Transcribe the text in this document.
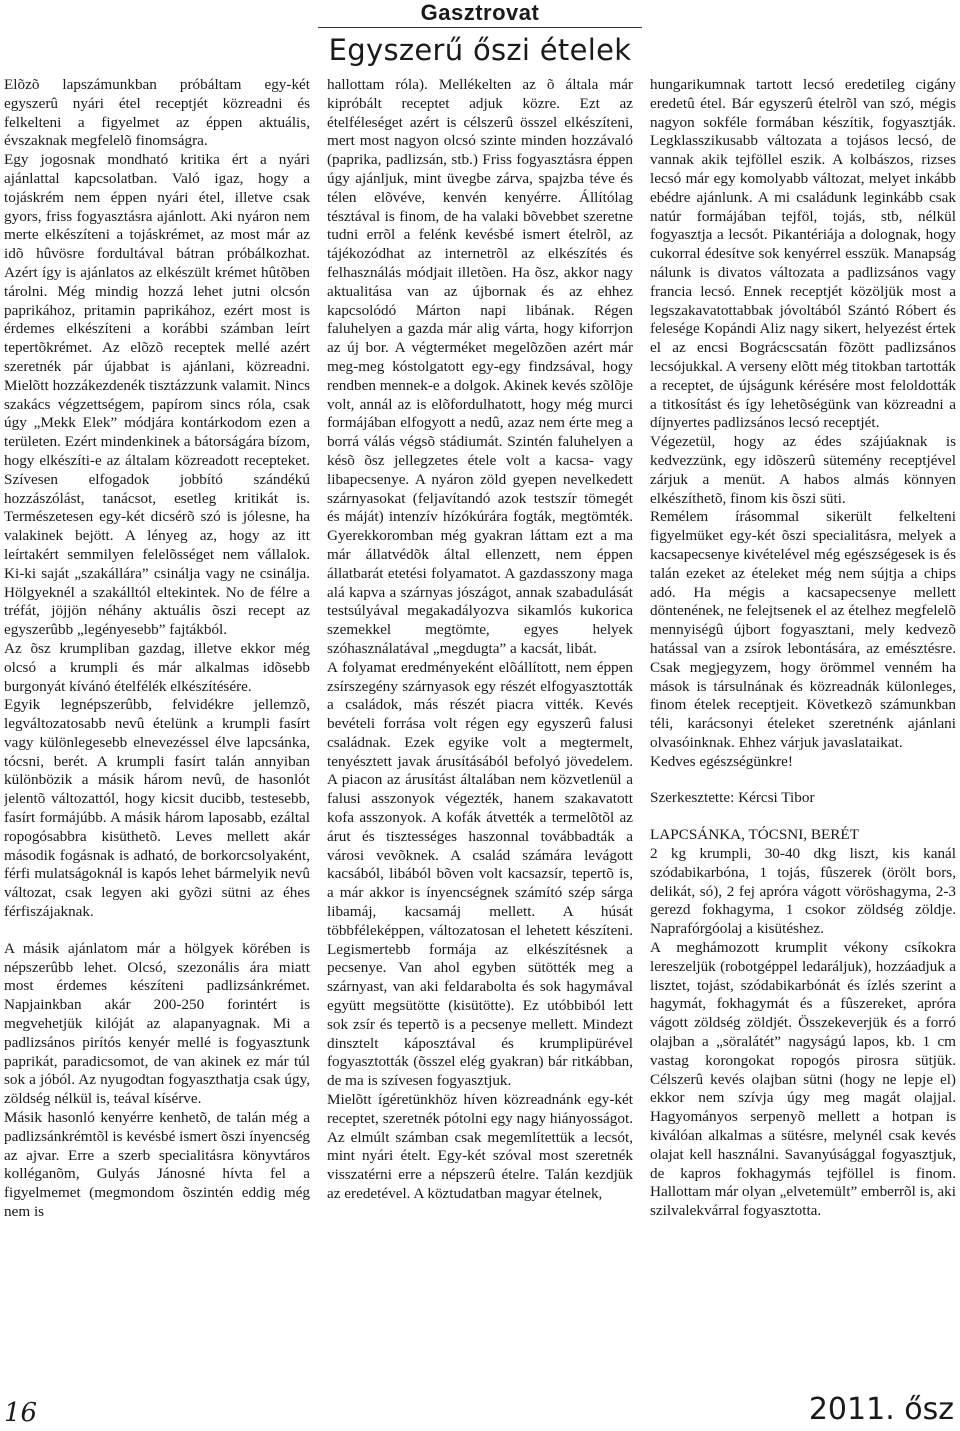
Gasztrovat
Egyszerű őszi ételek

Elõzõ lapszámunkban próbáltam egy-két egyszerû nyári étel receptjét közreadni és felkelteni a figyelmet az éppen aktuális, évszaknak megfelelõ finomságra.

Egy jogosnak mondható kritika ért a nyári ajánlattal kapcsolatban. Való igaz, hogy a tojáskrém nem éppen nyári étel, illetve csak gyors, friss fogyasztásra ajánlott. Aki nyáron nem merte elkészíteni a tojáskrémet, az most már az idõ hûvösre fordultával bátran próbálkozhat. Azért így is ajánlatos az elkészült krémet hûtõben tárolni. Még mindig hozzá lehet jutni olcsón paprikához, pritamin paprikához, ezért most is érdemes elkészíteni a korábbi számban leírt tepertõkrémet. Az elõzõ receptek mellé azért szeretnék pár újabbat is ajánlani, közreadni. Mielõtt hozzákezdenék tisztázzunk valamit. Nincs szakács végzettségem, papírom sincs róla, csak úgy „Mekk Elek” módjára kontárkodom ezen a területen. Ezért mindenkinek a bátorságára bízom, hogy elkészíti-e az általam közreadott recepteket. Szívesen elfogadok jobbító szándékú hozzászólást, tanácsot, esetleg kritikát is. Természetesen egy-két dicsérõ szó is jólesne, ha valakinek bejött. A lényeg az, hogy az itt leírtakért semmilyen felelõsséget nem vállalok. Ki-ki saját „szakállára” csinálja vagy ne csinálja. Hölgyeknél a szakálltól eltekintek. No de félre a tréfát, jöjjön néhány aktuális õszi recept az egyszerûbb „legényesebb” fajtákból.

Az õsz krumpliban gazdag, illetve ekkor még olcsó a krumpli és már alkalmas idõsebb burgonyát kívánó ételfélék elkészítésére.

Egyik legnépszerûbb, felvidékre jellemzõ, legváltozatosabb nevû ételünk a krumpli fasírt vagy különlegesebb elnevezéssel élve lapcsánka, tócsni, berét. A krumpli fasírt talán annyiban különbözik a másik három nevû, de hasonlót jelentõ változattól, hogy kicsit ducibb, testesebb, fasírt formájúbb. A másik három laposabb, ezáltal ropogósabbra kisüthetõ. Leves mellett akár második fogásnak is adható, de borkorcsolyaként, férfi mulatságoknál is kapós lehet bármelyik nevû változat, csak legyen aki gyõzi sütni az éhes férfiszájaknak.

A másik ajánlatom már a hölgyek körében is népszerûbb lehet. Olcsó, szezonális ára miatt most érdemes készíteni padlizsánkrémet. Napjainkban akár 200-250 forintért is megvehetjük kilóját az alapanyagnak. Mi a padlizsános pirítós kenyér mellé is fogyasztunk paprikát, paradicsomot, de van akinek ez már túl sok a jóból. Az nyugodtan fogyaszthatja csak úgy, zöldség nélkül is, teával kísérve.

Másik hasonló kenyérre kenhetõ, de talán még a padlizsánkrémtõl is kevésbé ismert õszi ínyencség az ajvar. Erre a szerb specialitásra könyvtáros kolléganõm, Gulyás Jánosné hívta fel a figyelmemet (megmondom õszintén eddig még nem is

hallottam róla). Mellékelten az õ általa már kipróbált receptet adjuk közre. Ezt az ételféleséget azért is célszerû összel elkészíteni, mert most nagyon olcsó szinte minden hozzávaló (paprika, padlizsán, stb.) Friss fogyasztásra éppen úgy ajánljuk, mint üvegbe zárva, spajzba téve és télen elõvéve, kenvén kenyérre. Állítólag tésztával is finom, de ha valaki bõvebbet szeretne tudni errõl a felénk kevésbé ismert ételrõl, az tájékozódhat az internetrõl az elkészítés és felhasználás módjait illetõen. Ha õsz, akkor nagy aktualitása van az újbornak és az ehhez kapcsolódó Márton napi libának. Régen faluhelyen a gazda már alig várta, hogy kiforrjon az új bor. A végterméket megelõzõen azért már meg-meg kóstolgatott egy-egy findzsával, hogy rendben mennek-e a dolgok. Akinek kevés szõlõje volt, annál az is elõfordulhatott, hogy még murci formájában elfogyott a nedû, azaz nem érte meg a borrá válás végsõ stádiumát. Szintén faluhelyen a késõ õsz jellegzetes étele volt a kacsa- vagy libapecsenye. A nyáron zöld gyepen nevelkedett szárnyasokat (feljavítandó azok testszír tömegét és máját) intenzív hízókúrára fogták, megtömték. Gyerekkoromban még gyakran láttam ezt a ma már állatvédõk által ellenzett, nem éppen állatbarát etetési folyamatot. A gazdasszony maga alá kapva a szárnyas jószágot, annak szabadulását testsúlyával megakadályozva sikamlós kukorica szemekkel megtömte, egyes helyek szóhasználatával „megdugta” a kacsát, libát.

A folyamat eredményeként elõállított, nem éppen zsírszegény szárnyasok egy részét elfogyasztották a családok, más részét piacra vitték. Kevés bevételi forrása volt régen egy egyszerû falusi családnak. Ezek egyike volt a megtermelt, tenyésztett javak árusításából befolyó jövedelem. A piacon az árusítást általában nem közvetlenül a falusi asszonyok végezték, hanem szakavatott kofa asszonyok. A kofák átvették a termelõtõl az árut és tisztességes haszonnal továbbadták a városi vevõknek. A család számára levágott kacsából, libából bõven volt kacsazsír, tepertõ is, a már akkor is ínyencségnek számító szép sárga libamáj, kacsamáj mellett. A húsát többféleképpen, változatosan el lehetett készíteni. Legismertebb formája az elkészítésnek a pecsenye. Van ahol egyben sütötték meg a szárnyast, van aki feldarabolta és sok hagymával együtt megsütötte (kisütötte). Ez utóbbiból lett sok zsír és tepertõ is a pecsenye mellett. Mindezt dinsztelt káposztával és krumplipürével fogyasztották (õsszel elég gyakran) bár ritkábban, de ma is szívesen fogyasztjuk.

Mielõtt ígéretünkhöz híven közreadnánk egy-két receptet, szeretnék pótolni egy nagy hiányosságot. Az elmúlt számban csak megemlítettük a lecsót, mint nyári ételt. Egy-két szóval most szeretnék visszatérni erre a népszerû ételre. Talán kezdjük az eredetével. A köztudatban magyar ételnek,

hungarikumnak tartott lecsó eredetileg cigány eredetû étel. Bár egyszerû ételrõl van szó, mégis nagyon sokféle formában készítik, fogyasztják. Legklasszikusabb változata a tojásos lecsó, de vannak akik tejföllel eszik. A kolbászos, rizses lecsó már egy komolyabb változat, melyet inkább ebédre ajánlunk. A mi családunk leginkább csak natúr formájában tejföl, tojás, stb, nélkül fogyasztja a lecsót. Pikantériája a dolognak, hogy cukorral édesítve sok kenyérrel esszük. Manapság nálunk is divatos változata a padlizsános vagy francia lecsó. Ennek receptjét közöljük most a legszakavatottabbak jóvoltából Szántó Róbert és felesége Kopándi Aliz nagy sikert, helyezést értek el az encsi Bográcscsatán fõzött padlizsános lecsójukkal. A verseny elõtt még titokban tartották a receptet, de újságunk kérésére most feloldották a titkosítást és így lehetõségünk van közreadni a díjnyertes padlizsános lecsó receptjét.

Végezetül, hogy az édes szájúaknak is kedvezzünk, egy idõszerû sütemény receptjével zárjuk a menüt. A habos almás könnyen elkészíthetõ, finom kis õszi süti.

Remélem írásommal sikerült felkelteni figyelmüket egy-két õszi specialitásra, melyek a kacsapecsenye kivételével még egészségesek is és talán ezeket az ételeket még nem sújtja a chips adó. Ha mégis a kacsapecsenye mellett döntenének, ne felejtsenek el az ételhez megfelelõ mennyiségû újbort fogyasztani, mely kedvezõ hatással van a zsírok lebontására, az emésztésre. Csak megjegyzem, hogy örömmel venném ha mások is társulnának és közreadnák külonleges, finom ételek receptjeit. Következõ számunkban téli, karácsonyi ételeket szeretnénk ajánlani olvasóinknak. Ehhez várjuk javaslataikat.

Kedves egészségünkre!

Szerkesztette: Kércsi Tibor

LAPCSÁNKA, TÓCSNI, BERÉT

2 kg krumpli, 30-40 dkg liszt, kis kanál szódabikarbóna, 1 tojás, fûszerek (örölt bors, delikát, só), 2 fej apróra vágott vöröshagyma, 2-3 gerezd fokhagyma, 1 csokor zöldség zöldje. Naprafórgóolaj a kisütéshez.

A meghámozott krumplit vékony csíkokra lereszeljük (robotgéppel ledaráljuk), hozzáadjuk a lisztet, tojást, szódabikarbónát és ízlés szerint a hagymát, fokhagymát és a fûszereket, apróra vágott zöldség zöldjét. Összekeverjük és a forró olajban a „söralátét” nagyságú lapos, kb. 1 cm vastag korongokat ropogós pirosra sütjük. Célszerû kevés olajban sütni (hogy ne lepje el) ekkor nem szívja úgy meg magát olajjal. Hagyományos serpenyõ mellett a hotpan is kiválóan alkalmas a sütésre, melynél csak kevés olajat kell használni. Savanyúsággal fogyasztjuk, de kapros fokhagymás tejföllel is finom. Hallottam már olyan „elvetemült” emberrõl is, aki szilvalekvárral fogyasztotta.

16	2011. ősz
